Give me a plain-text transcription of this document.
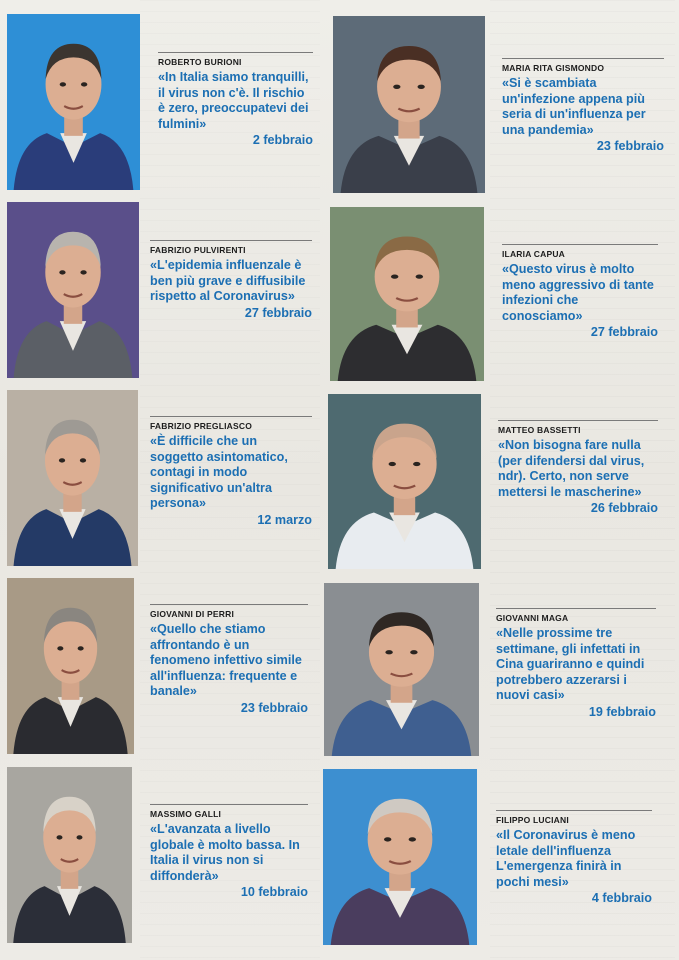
ROBERTO BURIONI

«In Italia siamo tranquilli, il virus non c'è. Il rischio è zero, preoccupatevi dei fulmini»

2 febbraio
MARIA RITA GISMONDO

«Si è scambiata un'infezione appena più seria di un'influenza per una pandemia»

23 febbraio
FABRIZIO PULVIRENTI

«L'epidemia influenzale è ben più grave e diffusibile rispetto al Coronavirus»

27 febbraio
ILARIA CAPUA

«Questo virus è molto meno aggressivo di tante infezioni che conosciamo»

27 febbraio
FABRIZIO PREGLIASCO

«È difficile che un soggetto asintomatico, contagi in modo significativo un'altra persona»

12 marzo
MATTEO BASSETTI

«Non bisogna fare nulla (per difendersi dal virus, ndr). Certo, non serve mettersi le mascherine»

26 febbraio
GIOVANNI DI PERRI

«Quello che stiamo affrontando è un fenomeno infettivo simile all'influenza: frequente e banale»

23 febbraio
GIOVANNI MAGA

«Nelle prossime tre settimane, gli infettati in Cina guariranno e quindi potrebbero azzerarsi i nuovi casi»

19 febbraio
MASSIMO GALLI

«L'avanzata a livello globale è molto bassa. In Italia il virus non si diffonderà»

10 febbraio
FILIPPO LUCIANI

«Il Coronavirus è meno letale dell'influenza L'emergenza finirà in pochi mesi»

4 febbraio
